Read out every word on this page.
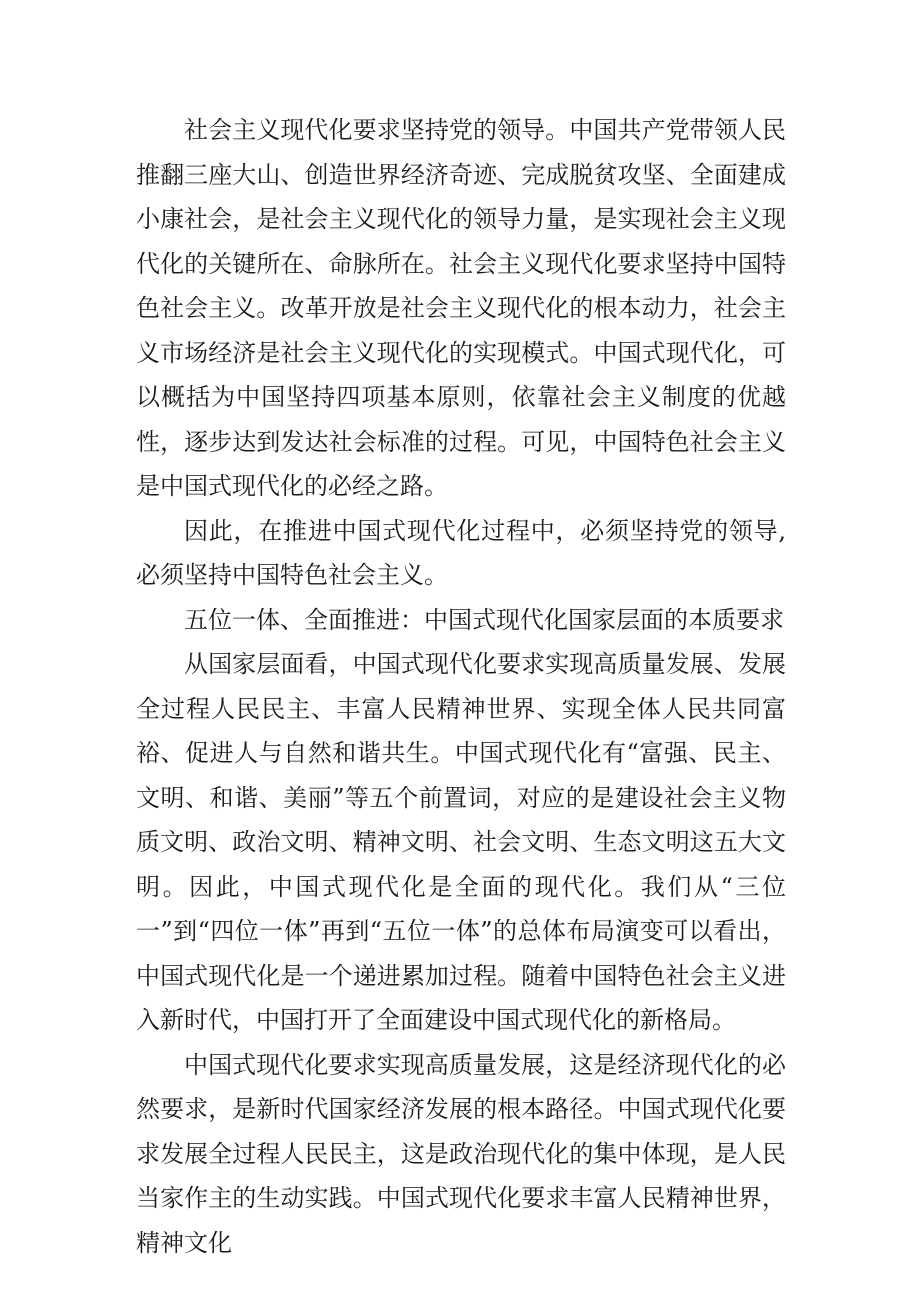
社会主义现代化要求坚持党的领导。中国共产党带领人民推翻三座大山、创造世界经济奇迹、完成脱贫攻坚、全面建成小康社会，是社会主义现代化的领导力量，是实现社会主义现代化的关键所在、命脉所在。社会主义现代化要求坚持中国特色社会主义。改革开放是社会主义现代化的根本动力，社会主义市场经济是社会主义现代化的实现模式。中国式现代化，可以概括为中国坚持四项基本原则，依靠社会主义制度的优越性，逐步达到发达社会标准的过程。可见，中国特色社会主义是中国式现代化的必经之路。

因此，在推进中国式现代化过程中，必须坚持党的领导,必须坚持中国特色社会主义。

五位一体、全面推进：中国式现代化国家层面的本质要求

从国家层面看，中国式现代化要求实现高质量发展、发展全过程人民民主、丰富人民精神世界、实现全体人民共同富裕、促进人与自然和谐共生。中国式现代化有“富强、民主、文明、和谐、美丽”等五个前置词，对应的是建设社会主义物质文明、政治文明、精神文明、社会文明、生态文明这五大文明。因此，中国式现代化是全面的现代化。我们从“三位一”到“四位一体”再到“五位一体”的总体布局演变可以看出，中国式现代化是一个递进累加过程。随着中国特色社会主义进入新时代，中国打开了全面建设中国式现代化的新格局。

中国式现代化要求实现高质量发展，这是经济现代化的必然要求，是新时代国家经济发展的根本路径。中国式现代化要求发展全过程人民民主，这是政治现代化的集中体现，是人民当家作主的生动实践。中国式现代化要求丰富人民精神世界，精神文化
